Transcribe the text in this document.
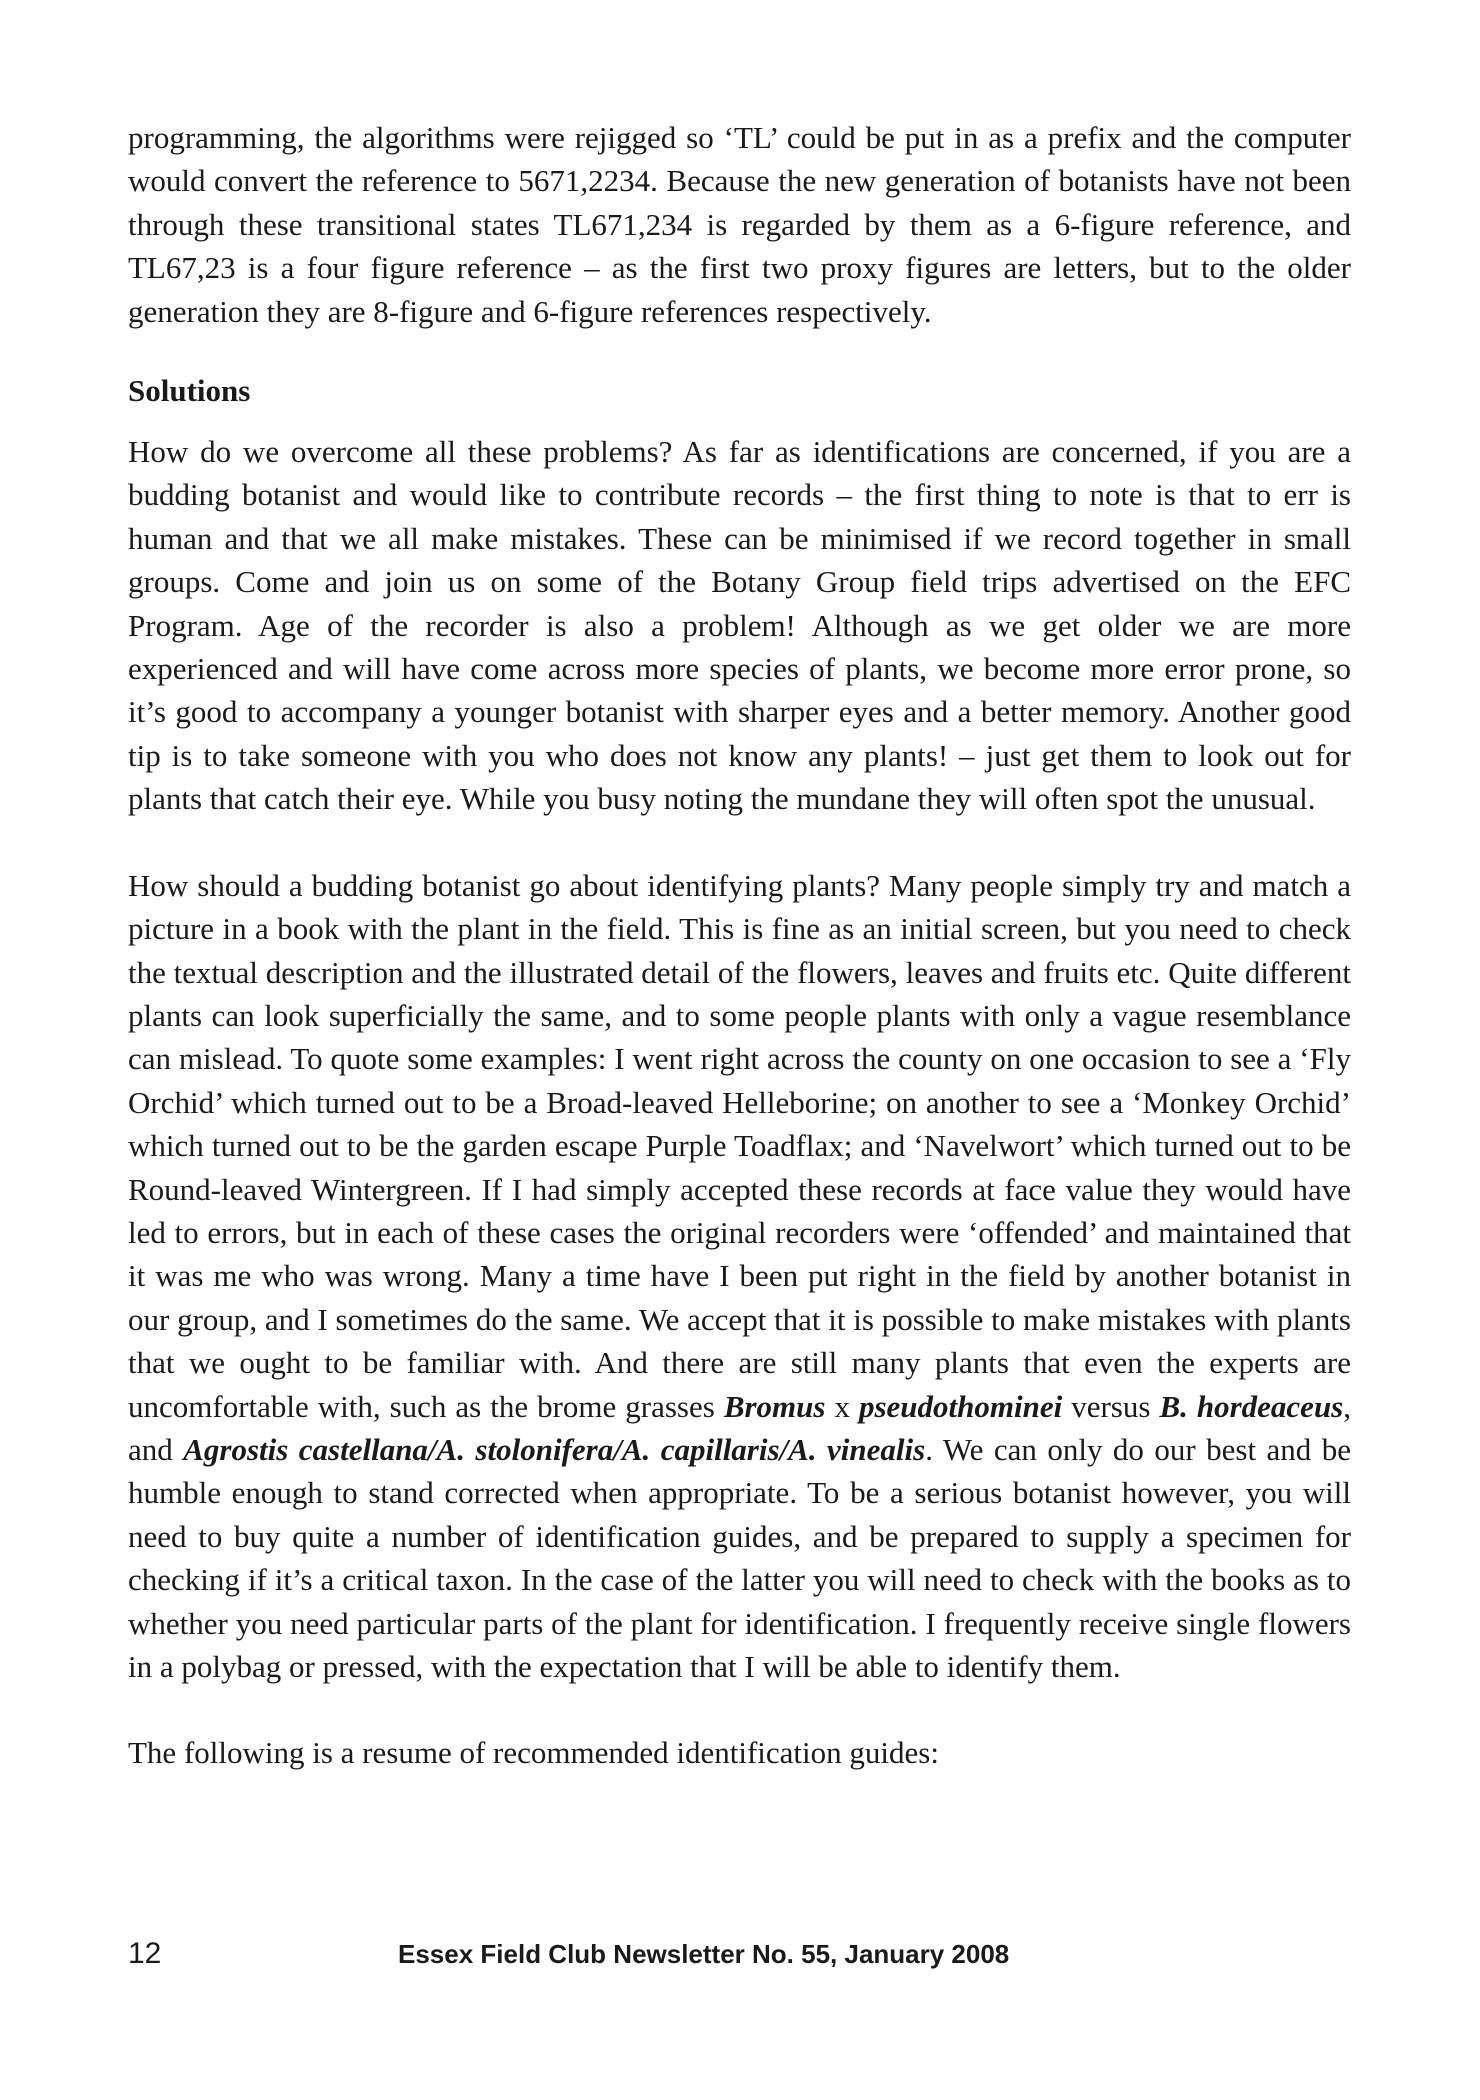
programming, the algorithms were rejigged so ‘TL’ could be put in as a prefix and the computer would convert the reference to 5671,2234. Because the new generation of botanists have not been through these transitional states TL671,234 is regarded by them as a 6-figure reference, and TL67,23 is a four figure reference – as the first two proxy figures are letters, but to the older generation they are 8-figure and 6-figure references respectively.

Solutions

How do we overcome all these problems? As far as identifications are concerned, if you are a budding botanist and would like to contribute records – the first thing to note is that to err is human and that we all make mistakes. These can be minimised if we record together in small groups. Come and join us on some of the Botany Group field trips advertised on the EFC Program. Age of the recorder is also a problem! Although as we get older we are more experienced and will have come across more species of plants, we become more error prone, so it’s good to accompany a younger botanist with sharper eyes and a better memory. Another good tip is to take someone with you who does not know any plants! – just get them to look out for plants that catch their eye. While you busy noting the mundane they will often spot the unusual.

How should a budding botanist go about identifying plants? Many people simply try and match a picture in a book with the plant in the field. This is fine as an initial screen, but you need to check the textual description and the illustrated detail of the flowers, leaves and fruits etc. Quite different plants can look superficially the same, and to some people plants with only a vague resemblance can mislead. To quote some examples: I went right across the county on one occasion to see a ‘Fly Orchid’ which turned out to be a Broad-leaved Helleborine; on another to see a ‘Monkey Orchid’ which turned out to be the garden escape Purple Toadflax; and ‘Navelwort’ which turned out to be Round-leaved Wintergreen. If I had simply accepted these records at face value they would have led to errors, but in each of these cases the original recorders were ‘offended’ and maintained that it was me who was wrong. Many a time have I been put right in the field by another botanist in our group, and I sometimes do the same. We accept that it is possible to make mistakes with plants that we ought to be familiar with. And there are still many plants that even the experts are uncomfortable with, such as the brome grasses Bromus x pseudothominei versus B. hordeaceus, and Agrostis castellana/A. stolonifera/A. capillaris/A. vinealis. We can only do our best and be humble enough to stand corrected when appropriate. To be a serious botanist however, you will need to buy quite a number of identification guides, and be prepared to supply a specimen for checking if it’s a critical taxon. In the case of the latter you will need to check with the books as to whether you need particular parts of the plant for identification. I frequently receive single flowers in a polybag or pressed, with the expectation that I will be able to identify them.

The following is a resume of recommended identification guides:

12	Essex Field Club Newsletter No. 55, January 2008
